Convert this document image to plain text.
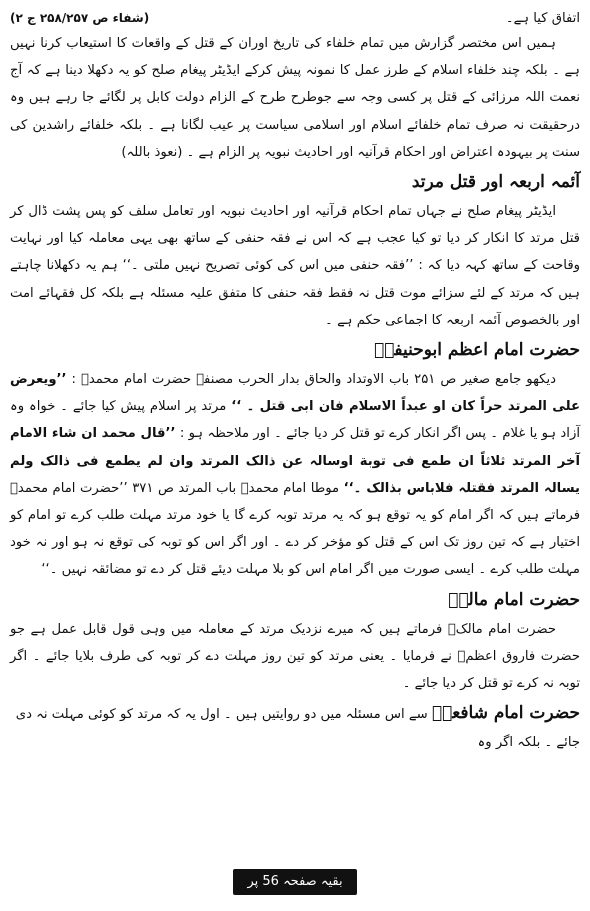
اتفاق کیا ہے۔
(شفاء ص ۲۵۸/۲۵۷ ج ۲)

ہمیں اس مختصر گزارش میں تمام خلفاء کی تاریخ اوران کے قتل کے واقعات کا استیعاب کرنا نہیں ہے ۔ بلکہ چند خلفاء اسلام کے طرز عمل کا نمونہ پیش کرکے ایڈیٹر پیغام صلح کو یہ دکھلا دینا ہے کہ آج نعمت اللہ مرزائی کے قتل پر کسی وجہ سے جوطرح طرح کے الزام دولت کابل پر لگائے جا رہے ہیں وہ درحقیقت نہ صرف تمام خلفائے اسلام اور اسلامی سیاست پر عیب لگانا ہے ۔ بلکہ خلفائے راشدین کی سنت پر بیہودہ اعتراض اور احکام قرآنیہ اور احادیث نبویہ پر الزام ہے ۔ (نعوذ باللہ)

آئمہ اربعہ اور قتل مرتد

ایڈیٹر پیغام صلح نے جہاں تمام احکام قرآنیہ اور احادیث نبویہ اور تعامل سلف کو پس پشت ڈال کر قتل مرتد کا انکار کر دیا تو کیا عجب ہے کہ اس نے فقہ حنفی کے ساتھ بھی یہی معاملہ کیا اور نہایت وقاحت کے ساتھ کہہ دیا کہ : ’’فقہ حنفی میں اس کی کوئی تصریح نہیں ملتی ۔‘‘ ہم یہ دکھلانا چاہتے ہیں کہ مرتد کے لئے سزائے موت قتل نہ فقط فقہ حنفی کا متفق علیہ مسئلہ ہے بلکہ کل فقہائے امت اور بالخصوص آئمہ اربعہ کا اجماعی حکم ہے ۔

حضرت امام اعظم ابوحنیفہؒ

دیکھو جامع صغیر ص ۲۵۱ باب الاوتداد والحاق بدار الحرب مصنفہ حضرت امام محمدؒ : ’’ویعرض علی المرتد حراً کان او عبداً الاسلام فان ابی قتل ۔ ‘‘ مرتد پر اسلام پیش کیا جائے ۔ خواہ وہ آزاد ہو یا غلام ۔ پس اگر انکار کرے تو قتل کر دیا جائے ۔ اور ملاحظہ ہو : ’’قال محمد ان شاء الامام آخر المرتد ثلاثاً ان طمع فی توبة اوسالہ عن ذالک المرتد وان لم یطمع فی ذالک ولم یسالہ المرتد فقتلہ فلاباس بذالک ۔‘‘ موطا امام محمدؒ باب المرتد ص ۳۷۱ ’’حضرت امام محمدؒ فرماتے ہیں کہ اگر امام کو یہ توقع ہو کہ یہ مرتد توبہ کرے گا یا خود مرتد مہلت طلب کرے تو امام کو اختیار ہے کہ تین روز تک اس کے قتل کو مؤخر کر دے ۔ اور اگر اس کو توبہ کی توقع نہ ہو اور نہ خود مہلت طلب کرے ۔ ایسی صورت میں اگر امام اس کو بلا مہلت دیئے قتل کر دے تو مضائقہ نہیں ۔‘‘

حضرت امام مالکؒ

حضرت امام مالکؒ فرماتے ہیں کہ میرے نزدیک مرتد کے معاملہ میں وہی قول قابل عمل ہے جو حضرت فاروق اعظمؓ نے فرمایا ۔ یعنی مرتد کو تین روز مہلت دے کر توبہ کی طرف بلایا جائے ۔ اگر توبہ نہ کرے تو قتل کر دیا جائے ۔

حضرت امام شافعیؒ سے اس مسئلہ میں دو روایتیں ہیں ۔ اول یہ کہ مرتد کو کوئی مہلت نہ دی جائے ۔ بلکہ اگر وہ

بقیہ صفحہ 56 پر
